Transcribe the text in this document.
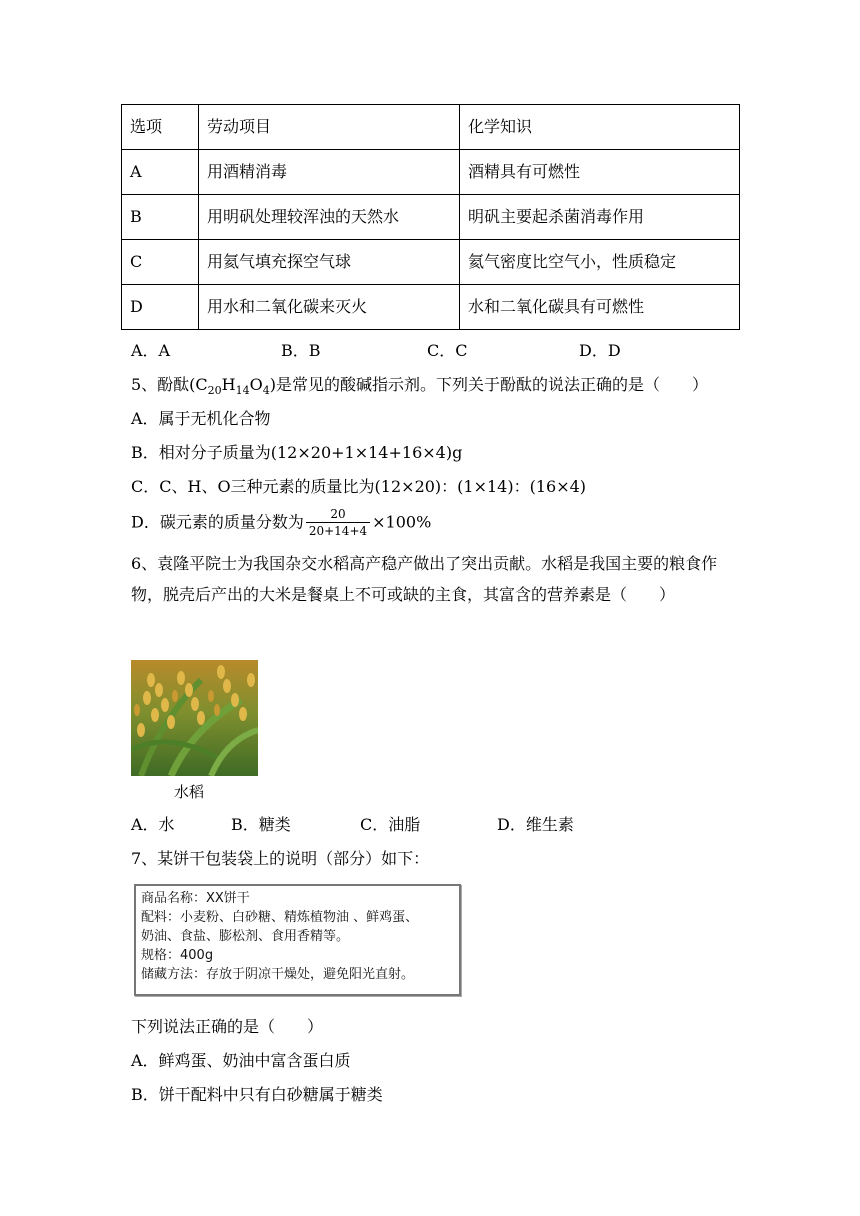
选项	劳动项目	化学知识
A	用酒精消毒	酒精具有可燃性
B	用明矾处理较浑浊的天然水	明矾主要起杀菌消毒作用
C	用氦气填充探空气球	氦气密度比空气小，性质稳定
D	用水和二氧化碳来灭火	水和二氧化碳具有可燃性
A．A	B．B	C．C	D．D
5、酚酞$(C_{20}H_{14}O_4)$是常见的酸碱指示剂。下列关于酚酞的说法正确的是（　　）
A．属于无机化合物
B．相对分子质量为(12×20+1×14+16×4)g
C．C、H、O三种元素的质量比为(12×20)：(1×14)：(16×4)
D．碳元素的质量分数为 $\frac{20}{20+14+4} \times 100\%$
6、袁隆平院士为我国杂交水稻高产稳产做出了突出贡献。水稻是我国主要的粮食作物，脱壳后产出的大米是餐桌上不可或缺的主食，其富含的营养素是（　　）
水稻
A．水	B．糖类	C．油脂	D．维生素
7、某饼干包装袋上的说明（部分）如下：
商品名称：XX饼干
配料：小麦粉、白砂糖、精炼植物油 、鲜鸡蛋、
奶油、食盐、膨松剂、食用香精等。
规格：400g
储藏方法：存放于阴凉干燥处，避免阳光直射。
下列说法正确的是（　　）
A．鲜鸡蛋、奶油中富含蛋白质
B．饼干配料中只有白砂糖属于糖类
